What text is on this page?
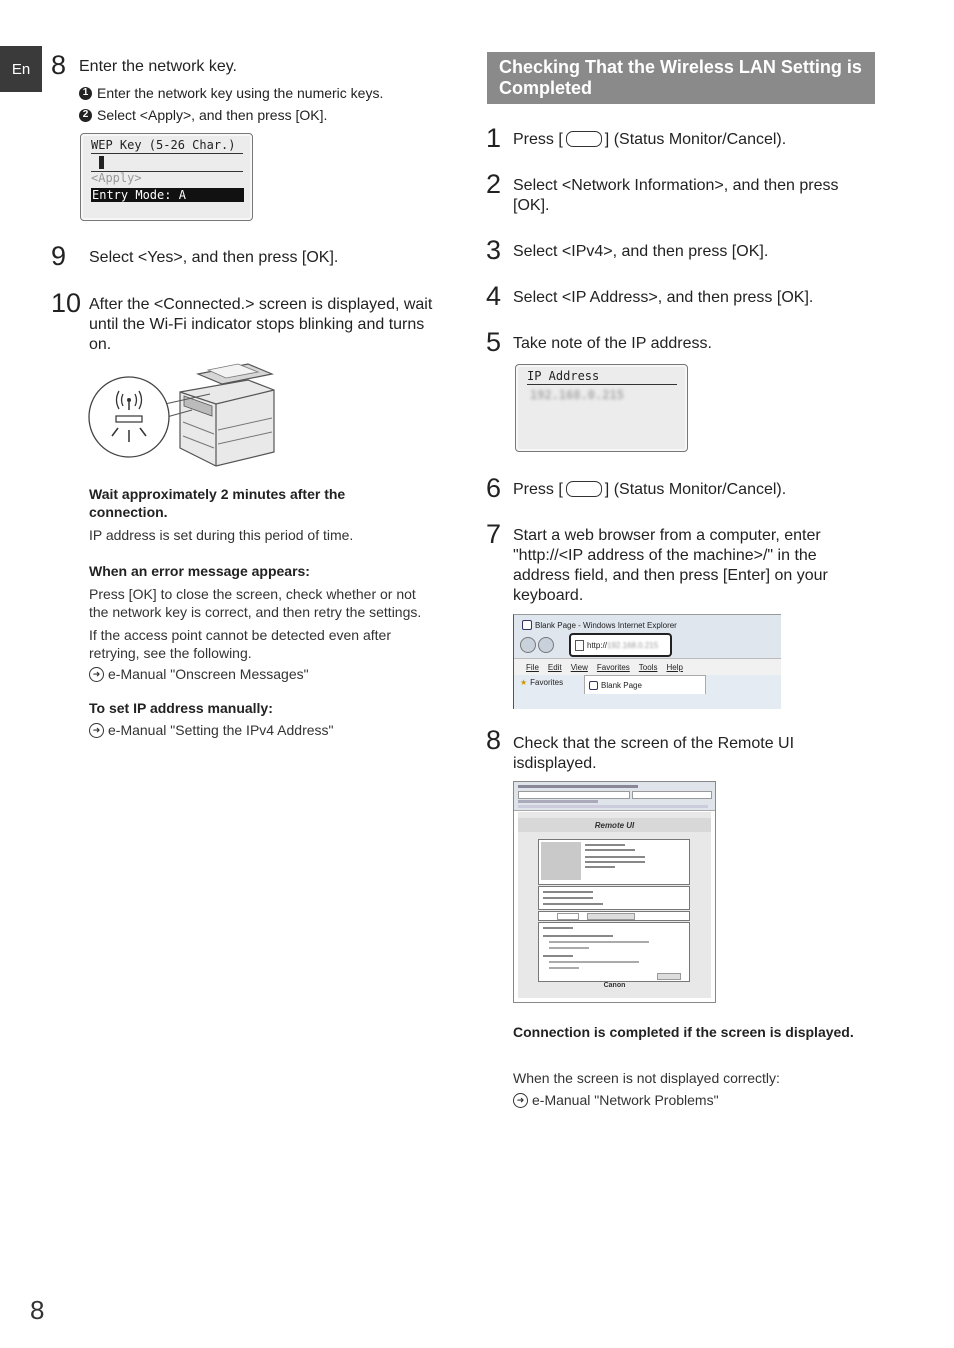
En 8 Enter the network key.
1 Enter the network key using the numeric keys.
2 Select <Apply>, and then press [OK].
WEP Key (5-26 Char.)
<Apply>
Entry Mode: A
9 Select <Yes>, and then press [OK].
10 After the <Connected.> screen is displayed, wait until the Wi-Fi indicator stops blinking and turns on.
Wait approximately 2 minutes after the connection.
IP address is set during this period of time.
When an error message appears:
Press [OK] to close the screen, check whether or not the network key is correct, and then retry the settings.
If the access point cannot be detected even after retrying, see the following.
➜ e-Manual "Onscreen Messages"
To set IP address manually:
➜ e-Manual "Setting the IPv4 Address"
Checking That the Wireless LAN Setting is Completed
1 Press [	] (Status Monitor/Cancel).
2 Select <Network Information>, and then press [OK].
3 Select <IPv4>, and then press [OK].
4 Select <IP Address>, and then press [OK].
5 Take note of the IP address.
IP Address
192.168.0.215
6 Press [	] (Status Monitor/Cancel).
7 Start a web browser from a computer, enter "http://<IP address of the machine>/" in the address field, and then press [Enter] on your keyboard.
Blank Page - Windows Internet Explorer
http:// 192.168.0.215
File Edit View Favorites Tools Help
★ Favorites	Blank Page
8 Check that the screen of the Remote UI isdisplayed.
Remote UI
Canon
Connection is completed if the screen is displayed.
When the screen is not displayed correctly:
➜ e-Manual "Network Problems"
8
